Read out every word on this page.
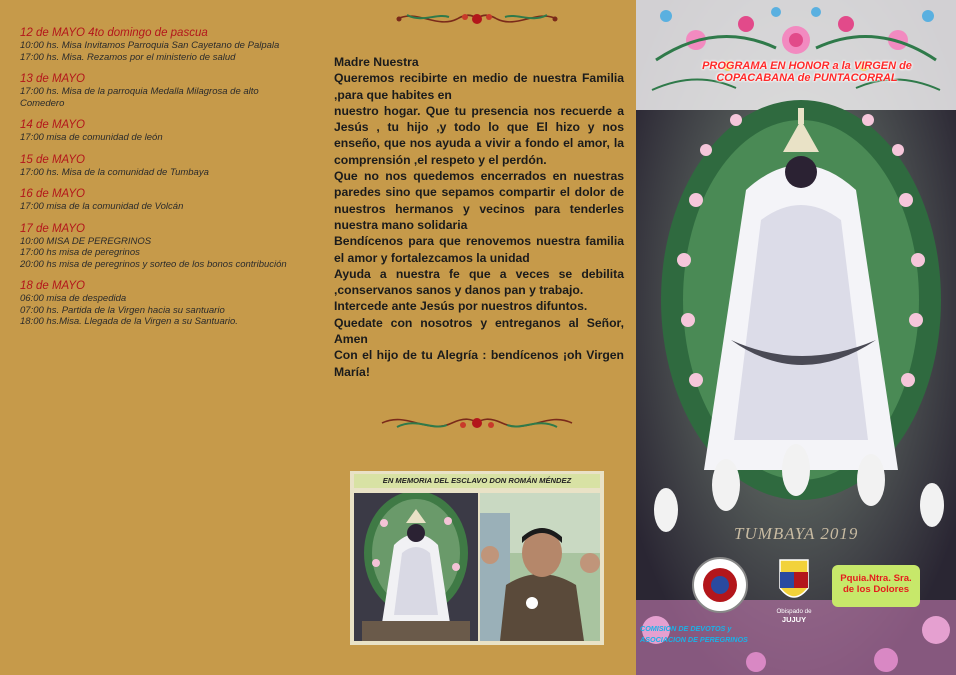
12 de MAYO 4to domingo de pascua
10:00 hs. Misa Invitamos Parroquia San Cayetano de Palpala
17:00 hs. Misa. Rezamos por el ministerio de salud
13 de MAYO
17:00 hs. Misa de la parroquia Medalla Milagrosa de alto Comedero
14 de MAYO
17:00 misa de comunidad de león
15 de MAYO
17:00 hs. Misa de la comunidad de Tumbaya
16 de MAYO
17:00 misa de la comunidad de Volcán
17 de MAYO
10:00 MISA DE PEREGRINOS
17:00 hs misa de peregrinos
20:00 hs misa de peregrinos y sorteo de los bonos contribución
18 de MAYO
06:00 misa de despedida
07:00 hs. Partida de la Virgen hacia su santuario
18:00 hs.Misa. Llegada de la Virgen a su Santuario.

Madre Nuestra

Queremos recibirte en medio de nuestra Familia ,para que habites en

nuestro hogar. Que tu presencia nos recuerde a Jesús , tu hijo ,y todo lo que El hizo y nos enseño, que nos ayuda a vivir a fondo el amor, la comprensión ,el respeto y el perdón.

Que no nos quedemos encerrados en nuestras paredes sino que sepamos compartir el dolor de nuestros hermanos y vecinos para tenderles nuestra mano solidaria

Bendícenos para que renovemos nuestra familia el amor y fortalezcamos la unidad

Ayuda a nuestra fe que a veces se debilita ,conservanos sanos y danos pan y trabajo.

Intercede ante Jesús por nuestros difuntos.

Quedate con nosotros y entreganos al Señor, Amen

Con el hijo de tu Alegría : bendícenos ¡oh Virgen María!

EN MEMORIA DEL ESCLAVO DON ROMÁN MÉNDEZ
PROGRAMA EN HONOR a la VIRGEN de COPACABANA de PUNTACORRAL
TUMBAYA 2019
Obispado de
JUJUY
Pquia.Ntra. Sra.
de los Dolores
COMISION DE DEVOTOS y
ASOCIACION DE PEREGRINOS
